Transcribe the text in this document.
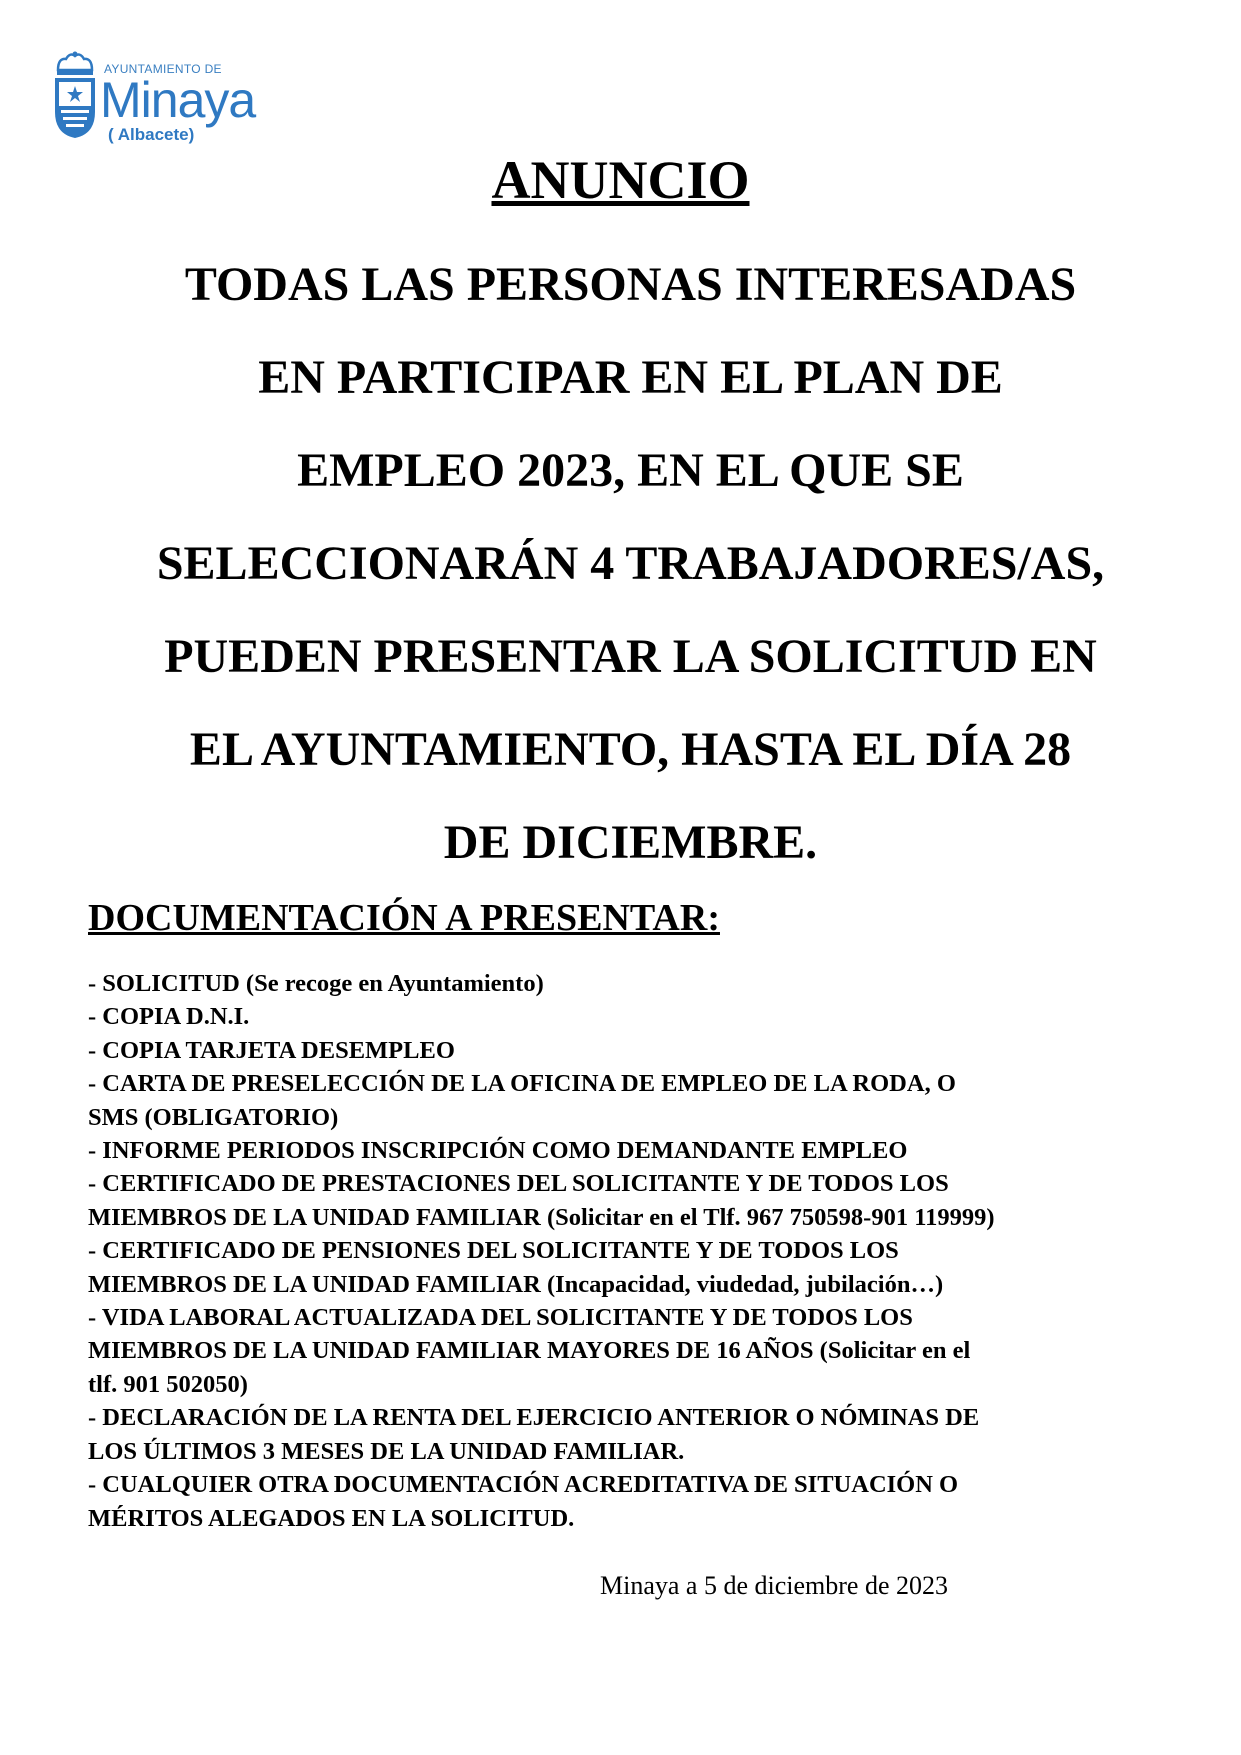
AYUNTAMIENTO DE
Minaya
( Albacete)
ANUNCIO
TODAS LAS PERSONAS INTERESADAS
EN PARTICIPAR EN EL PLAN DE
EMPLEO 2023, EN EL QUE SE
SELECCIONARÁN 4 TRABAJADORES/AS,
PUEDEN PRESENTAR LA SOLICITUD EN
EL AYUNTAMIENTO, HASTA EL DÍA 28
DE DICIEMBRE.
DOCUMENTACIÓN A PRESENTAR:
- SOLICITUD (Se recoge en Ayuntamiento)
- COPIA D.N.I.
- COPIA TARJETA DESEMPLEO
- CARTA DE PRESELECCIÓN DE LA OFICINA DE EMPLEO DE LA RODA, O
SMS (OBLIGATORIO)
- INFORME PERIODOS INSCRIPCIÓN COMO DEMANDANTE EMPLEO
- CERTIFICADO DE PRESTACIONES DEL SOLICITANTE Y DE TODOS LOS
MIEMBROS DE LA UNIDAD FAMILIAR (Solicitar en el Tlf. 967 750598-901 119999)
- CERTIFICADO DE PENSIONES DEL SOLICITANTE Y DE TODOS LOS
MIEMBROS DE LA UNIDAD FAMILIAR (Incapacidad, viudedad, jubilación…)
- VIDA LABORAL ACTUALIZADA DEL SOLICITANTE Y DE TODOS LOS
MIEMBROS DE LA UNIDAD FAMILIAR MAYORES DE 16 AÑOS (Solicitar en el
tlf. 901 502050)
- DECLARACIÓN DE LA RENTA DEL EJERCICIO ANTERIOR O NÓMINAS DE
LOS ÚLTIMOS 3 MESES DE LA UNIDAD FAMILIAR.
- CUALQUIER OTRA DOCUMENTACIÓN ACREDITATIVA DE SITUACIÓN O
MÉRITOS ALEGADOS EN LA SOLICITUD.
Minaya a 5 de diciembre de 2023
